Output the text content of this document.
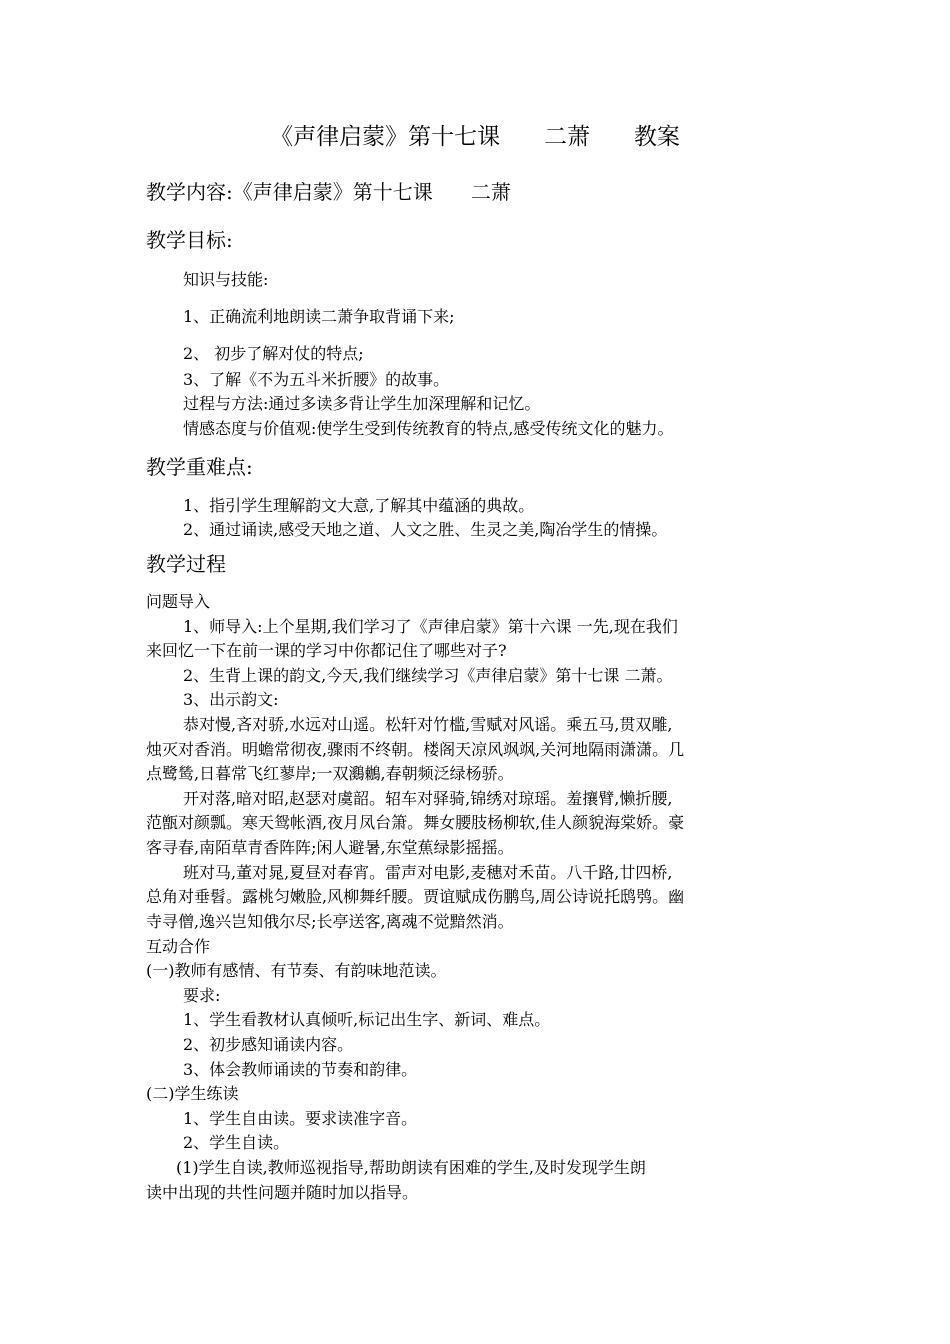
《声律启蒙》第十七课      二萧      教案
教学内容:《声律启蒙》第十七课      二萧
教学目标:
知识与技能:
1、正确流利地朗读二萧争取背诵下来;
2、 初步了解对仗的特点;
3、了解《不为五斗米折腰》的故事。
过程与方法:通过多读多背让学生加深理解和记忆。
情感态度与价值观:使学生受到传统教育的特点,感受传统文化的魅力。
教学重难点:
1、指引学生理解韵文大意,了解其中蕴涵的典故。
2、通过诵读,感受天地之道、人文之胜、生灵之美,陶冶学生的情操。
教学过程
问题导入
1、师导入:上个星期,我们学习了《声律启蒙》第十六课 一先,现在我们
来回忆一下在前一课的学习中你都记住了哪些对子?
2、生背上课的韵文,今天,我们继续学习《声律启蒙》第十七课 二萧。
3、出示韵文:
恭对慢,吝对骄,水远对山遥。松轩对竹槛,雪赋对风谣。乘五马,贯双雕,
烛灭对香消。明蟾常彻夜,骤雨不终朝。楼阁天凉风飒飒,关河地隔雨潇潇。几
点鹭鸶,日暮常飞红蓼岸;一双鸂鶒,春朝频泛绿杨骄。
开对落,暗对昭,赵瑟对虞韶。轺车对驿骑,锦绣对琼瑶。羞攘臂,懒折腰,
范甑对颜瓢。寒天鸳帐酒,夜月凤台箫。舞女腰肢杨柳软,佳人颜貌海棠娇。豪
客寻春,南陌草青香阵阵;闲人避暑,东堂蕉绿影摇摇。
班对马,董对晁,夏昼对春宵。雷声对电影,麦穗对禾苗。八千路,廿四桥,
总角对垂髫。露桃匀嫩脸,风柳舞纤腰。贾谊赋成伤鹏鸟,周公诗说托鸱鸮。幽
寺寻僧,逸兴岂知俄尔尽;长亭送客,离魂不觉黯然消。
互动合作
(一)教师有感情、有节奏、有韵味地范读。
要求:
1、学生看教材认真倾听,标记出生字、新词、难点。
2、初步感知诵读内容。
3、体会教师诵读的节奏和韵律。
(二)学生练读
1、学生自由读。要求读准字音。
2、学生自读。
(1)学生自读,教师巡视指导,帮助朗读有困难的学生,及时发现学生朗
读中出现的共性问题并随时加以指导。
